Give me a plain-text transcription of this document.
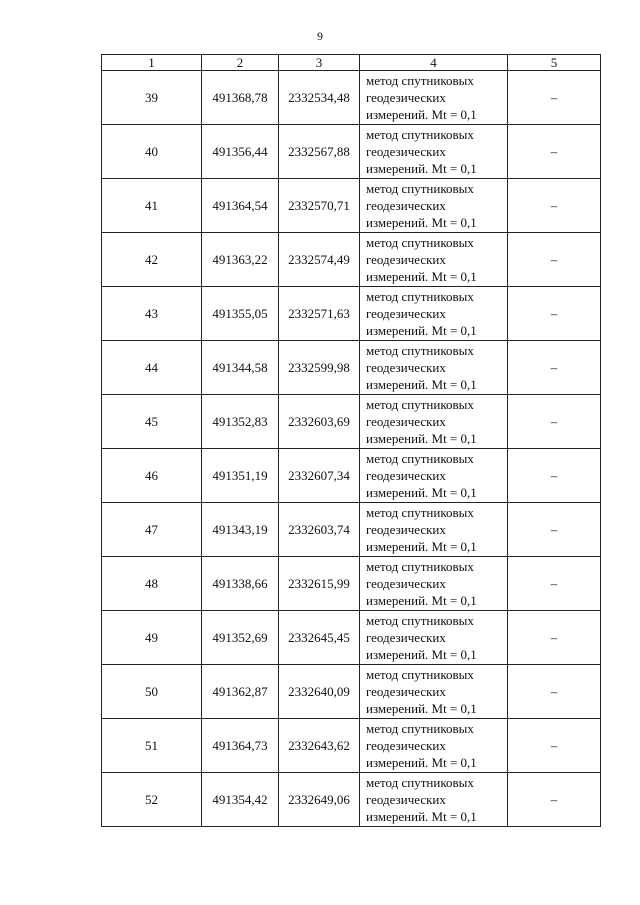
9
1	2	3	4	5
39	491368,78	2332534,48	метод спутниковых
геодезических
измерений. Mt = 0,1	–
40	491356,44	2332567,88	метод спутниковых
геодезических
измерений. Mt = 0,1	–
41	491364,54	2332570,71	метод спутниковых
геодезических
измерений. Mt = 0,1	–
42	491363,22	2332574,49	метод спутниковых
геодезических
измерений. Mt = 0,1	–
43	491355,05	2332571,63	метод спутниковых
геодезических
измерений. Mt = 0,1	–
44	491344,58	2332599,98	метод спутниковых
геодезических
измерений. Mt = 0,1	–
45	491352,83	2332603,69	метод спутниковых
геодезических
измерений. Mt = 0,1	–
46	491351,19	2332607,34	метод спутниковых
геодезических
измерений. Mt = 0,1	–
47	491343,19	2332603,74	метод спутниковых
геодезических
измерений. Mt = 0,1	–
48	491338,66	2332615,99	метод спутниковых
геодезических
измерений. Mt = 0,1	–
49	491352,69	2332645,45	метод спутниковых
геодезических
измерений. Mt = 0,1	–
50	491362,87	2332640,09	метод спутниковых
геодезических
измерений. Mt = 0,1	–
51	491364,73	2332643,62	метод спутниковых
геодезических
измерений. Mt = 0,1	–
52	491354,42	2332649,06	метод спутниковых
геодезических
измерений. Mt = 0,1	–
